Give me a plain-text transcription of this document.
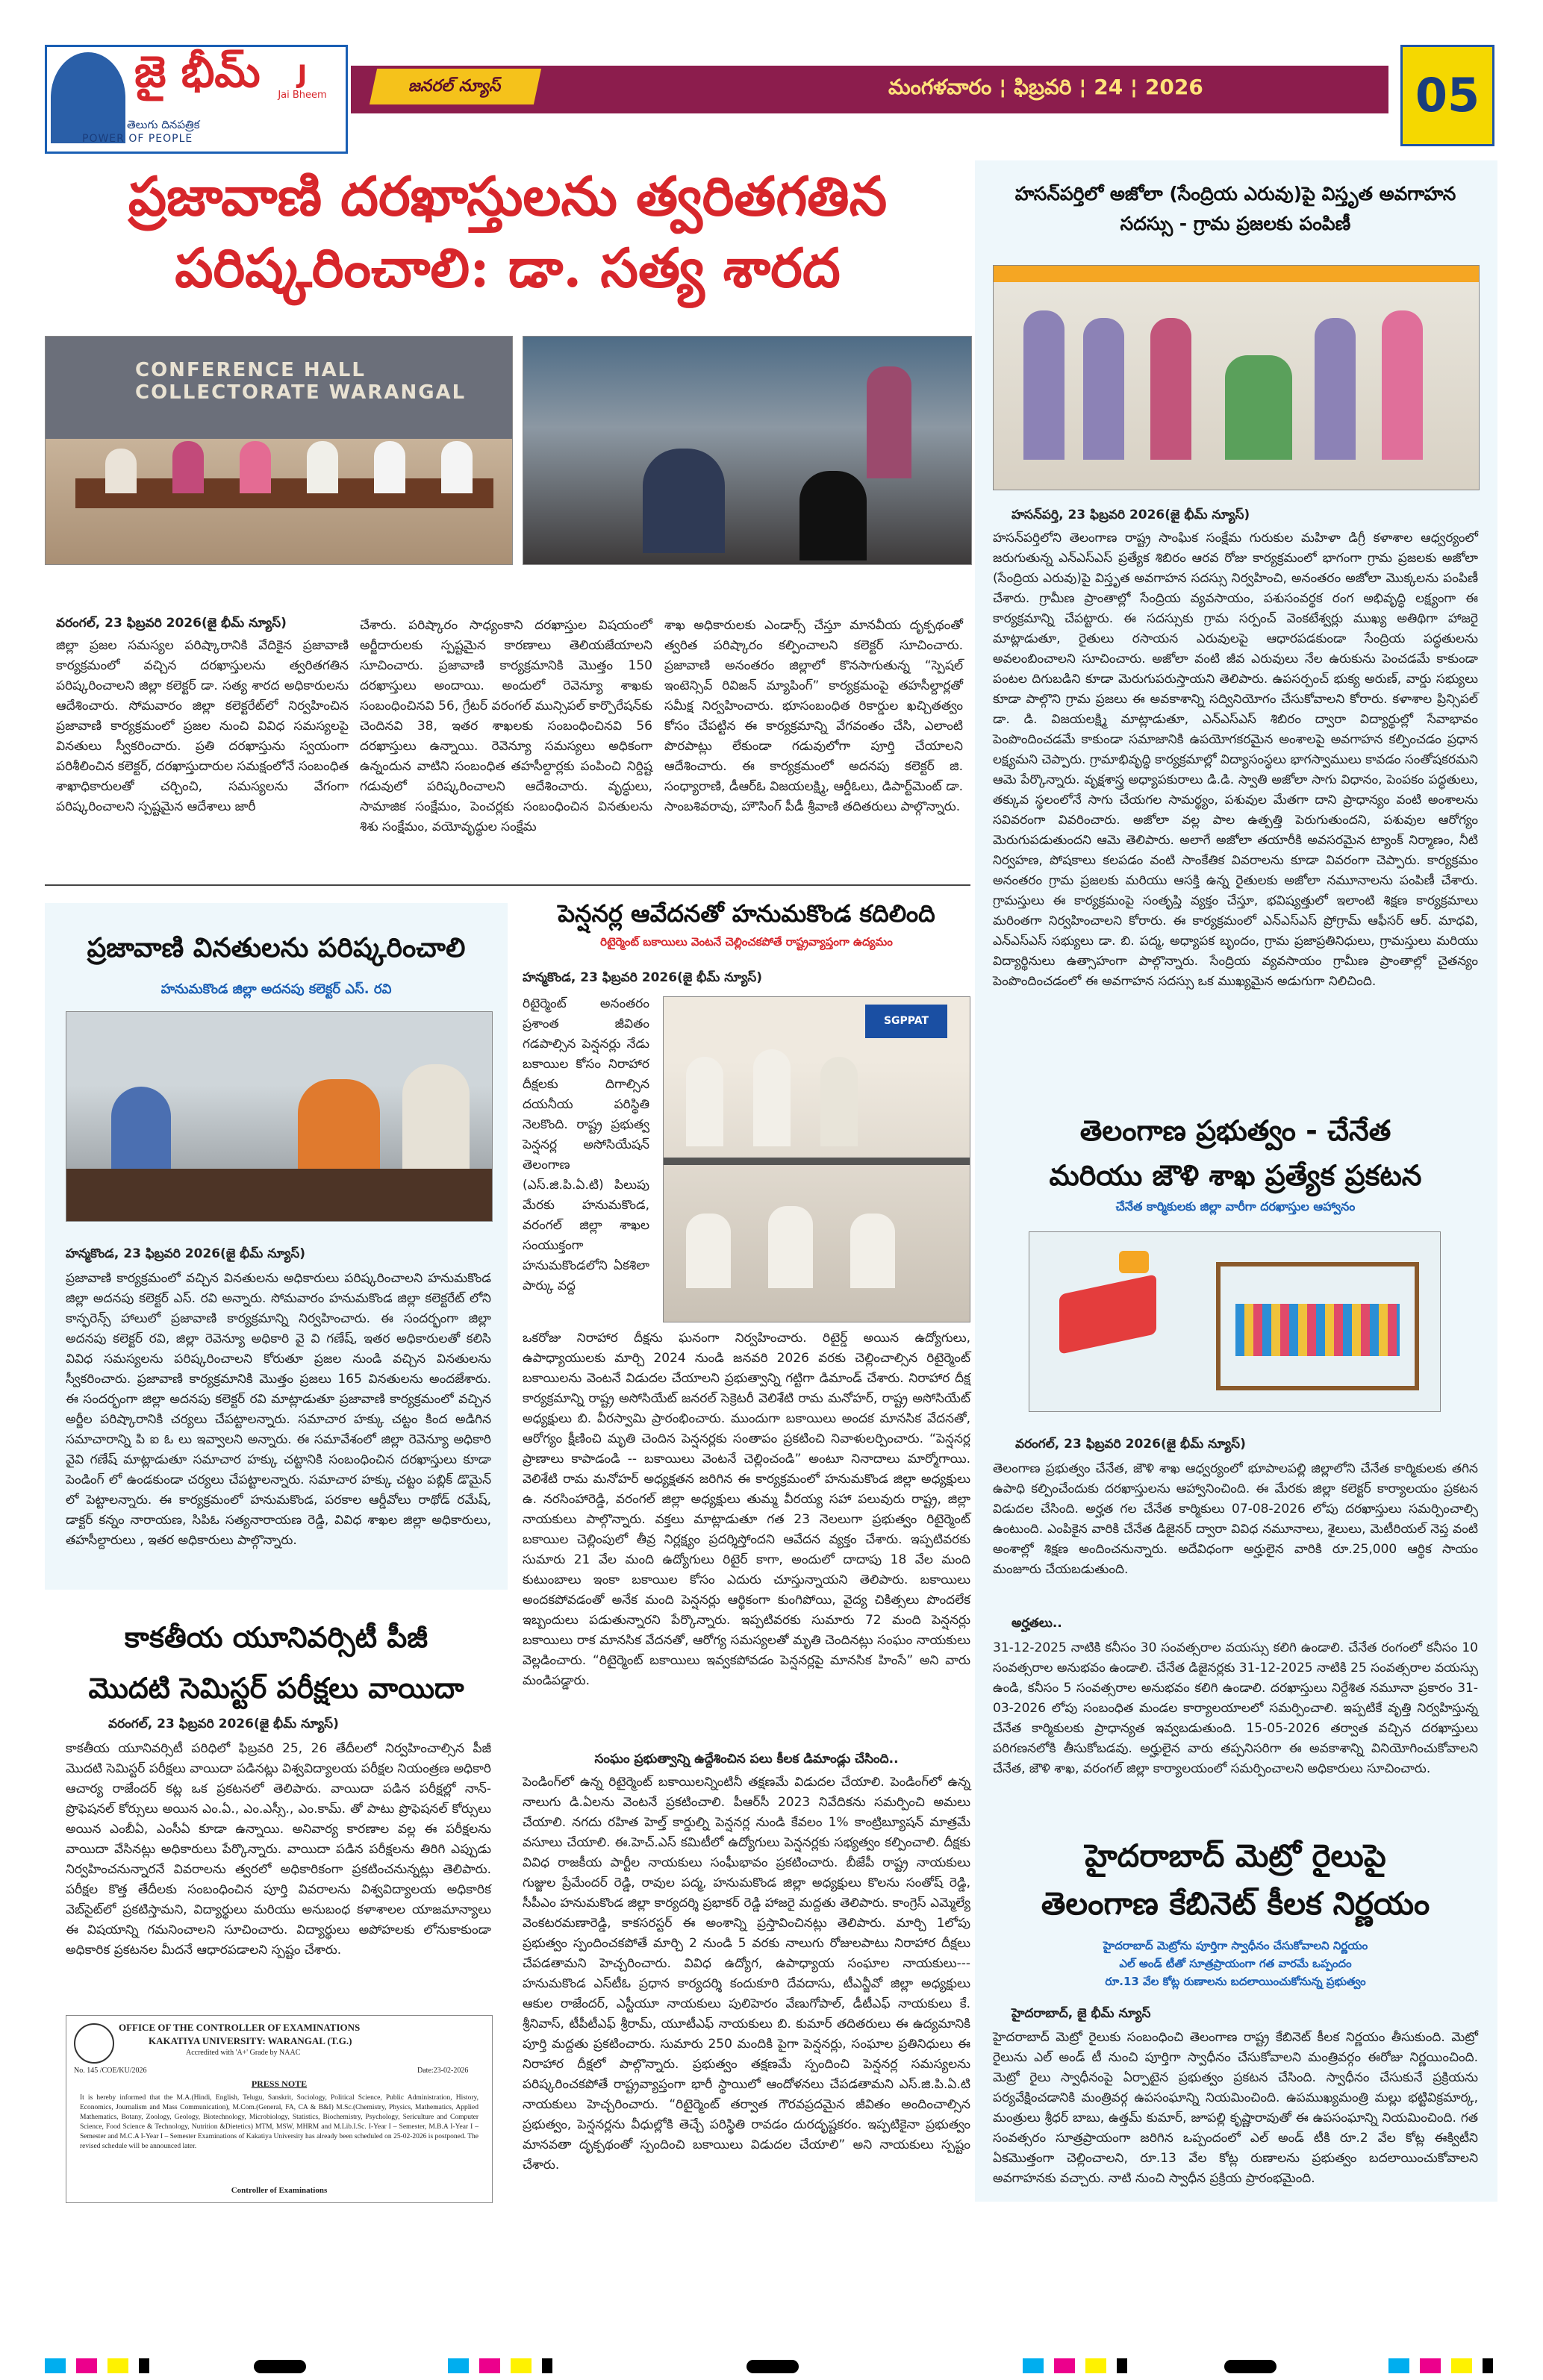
జై భీమ్
తెలుగు దినపత్రిక
POWER OF PEOPLE
J
Jai Bheem	జనరల్ న్యూస్	మంగళవారం ¦ ఫిబ్రవరి ¦ 24 ¦ 2026	05
ప్రజావాణి దరఖాస్తులను త్వరితగతిన
పరిష్కరించాలి: డా. సత్య శారద
CONFERENCE HALL COLLECTORATE WARANGAL
వరంగల్, 23 ఫిబ్రవరి 2026(జై భీమ్ న్యూస్)
జిల్లా ప్రజల సమస్యల పరిష్కారానికి వేదికైన ప్రజావాణి కార్యక్రమంలో వచ్చిన దరఖాస్తులను త్వరితగతిన పరిష్కరించాలని జిల్లా కలెక్టర్ డా. సత్య శారద అధికారులను ఆదేశించారు. సోమవారం జిల్లా కలెక్టరేట్‌లో నిర్వహించిన ప్రజావాణి కార్యక్రమంలో ప్రజల నుంచి వివిధ సమస్యలపై వినతులు స్వీకరించారు. ప్రతి దరఖాస్తును స్వయంగా పరిశీలించిన కలెక్టర్, దరఖాస్తుదారుల సమక్షంలోనే సంబంధిత శాఖాధికారులతో చర్చించి, సమస్యలను వేగంగా పరిష్కరించాలని స్పష్టమైన ఆదేశాలు జారీ
చేశారు. పరిష్కారం సాధ్యంకాని దరఖాస్తుల విషయంలో అర్జీదారులకు స్పష్టమైన కారణాలు తెలియజేయాలని సూచించారు. ప్రజావాణి కార్యక్రమానికి మొత్తం 150 దరఖాస్తులు అందాయి. అందులో రెవెన్యూ శాఖకు సంబంధించినవి 56, గ్రేటర్ వరంగల్ మున్సిపల్ కార్పొరేషన్‌కు చెందినవి 38, ఇతర శాఖలకు సంబంధించినవి 56 దరఖాస్తులు ఉన్నాయి. రెవెన్యూ సమస్యలు అధికంగా ఉన్నందున వాటిని సంబంధిత తహసీల్దార్లకు పంపించి నిర్దిష్ట గడువులో పరిష్కరించాలని ఆదేశించారు. వృద్ధులు, సామాజిక సంక్షేమం, పెంచర్లకు సంబంధించిన వినతులను శిశు సంక్షేమం, వయోవృద్ధుల సంక్షేమ
శాఖ అధికారులకు ఎండార్స్ చేస్తూ మానవీయ దృక్పథంతో త్వరిత పరిష్కారం కల్పించాలని కలెక్టర్ సూచించారు. ప్రజావాణి అనంతరం జిల్లాలో కొనసాగుతున్న “స్పెషల్ ఇంటెన్సివ్ రివిజన్ మ్యాపింగ్” కార్యక్రమంపై తహసీల్దార్లతో సమీక్ష నిర్వహించారు. భూసంబంధిత రికార్డుల ఖచ్చితత్వం కోసం చేపట్టిన ఈ కార్యక్రమాన్ని వేగవంతం చేసి, ఎలాంటి పొరపాట్లు లేకుండా గడువులోగా పూర్తి చేయాలని ఆదేశించారు. ఈ కార్యక్రమంలో అదనపు కలెక్టర్ జి. సంధ్యారాణి, డీఆర్ఓ విజయలక్ష్మి, ఆర్డీఓలు, డిపార్ట్‌మెంట్ డా. సాంబశివరావు, హౌసింగ్ పీడీ శ్రీవాణి తదితరులు పాల్గొన్నారు.
ప్రజావాణి వినతులను పరిష్కరించాలి
హనుమకొండ జిల్లా అదనపు కలెక్టర్ ఎస్. రవి
హన్మకొండ, 23 ఫిబ్రవరి 2026(జై భీమ్ న్యూస్)
ప్రజావాణి కార్యక్రమంలో వచ్చిన వినతులను అధికారులు పరిష్కరించాలని హనుమకొండ జిల్లా అదనపు కలెక్టర్ ఎస్. రవి అన్నారు. సోమవారం హనుమకొండ జిల్లా కలెక్టరేట్ లోని కాన్ఫరెన్స్ హాలులో ప్రజావాణి కార్యక్రమాన్ని నిర్వహించారు. ఈ సందర్భంగా జిల్లా అదనపు కలెక్టర్ రవి, జిల్లా రెవెన్యూ అధికారి వై వి గణేష్, ఇతర అధికారులతో కలిసి వివిధ సమస్యలను పరిష్కరించాలని కోరుతూ ప్రజల నుండి వచ్చిన వినతులను స్వీకరించారు. ప్రజావాణి కార్యక్రమానికి మొత్తం ప్రజలు 165 వినతులను అందజేశారు. ఈ సందర్భంగా జిల్లా అదనపు కలెక్టర్ రవి మాట్లాడుతూ ప్రజావాణి కార్యక్రమంలో వచ్చిన అర్జీల పరిష్కారానికి చర్యలు చేపట్టాలన్నారు. సమాచార హక్కు చట్టం కింద అడిగిన సమాచారాన్ని పి ఐ ఓ లు ఇవ్వాలని అన్నారు. ఈ సమావేశంలో జిల్లా రెవెన్యూ అధికారి వైవి గణేష్ మాట్లాడుతూ సమాచార హక్కు చట్టానికి సంబంధించిన దరఖాస్తులు కూడా పెండింగ్ లో ఉండకుండా చర్యలు చేపట్టాలన్నారు. సమాచార హక్కు చట్టం పబ్లిక్ డొమైన్ లో పెట్టాలన్నారు. ఈ కార్యక్రమంలో హనుమకొండ, పరకాల ఆర్డీవోలు రాథోడ్ రమేష్, డాక్టర్ కన్నం నారాయణ, సిపిఓ సత్యనారాయణ రెడ్డి, వివిధ శాఖల జిల్లా అధికారులు, తహసీల్దారులు , ఇతర అధికారులు పాల్గొన్నారు.
కాకతీయ యూనివర్సిటీ పీజీ
మొదటి సెమిస్టర్ పరీక్షలు వాయిదా
వరంగల్, 23 ఫిబ్రవరి 2026(జై భీమ్ న్యూస్)
కాకతీయ యూనివర్సిటీ పరిధిలో ఫిబ్రవరి 25, 26 తేదీలలో నిర్వహించాల్సిన పీజీ మొదటి సెమిస్టర్ పరీక్షలు వాయిదా పడినట్లు విశ్వవిద్యాలయ పరీక్షల నియంత్రణ అధికారి ఆచార్య రాజేందర్ కట్ల ఒక ప్రకటనలో తెలిపారు. వాయిదా పడిన పరీక్షల్లో నాన్-ప్రొఫెషనల్ కోర్సులు అయిన ఎం.ఏ., ఎం.ఎస్సీ., ఎం.కామ్. తో పాటు ప్రొఫెషనల్ కోర్సులు అయిన ఎంబీఏ, ఎంసీఏ కూడా ఉన్నాయి. అనివార్య కారణాల వల్ల ఈ పరీక్షలను వాయిదా వేసినట్లు అధికారులు పేర్కొన్నారు. వాయిదా పడిన పరీక్షలను తిరిగి ఎప్పుడు నిర్వహించనున్నారనే వివరాలను త్వరలో అధికారికంగా ప్రకటించనున్నట్లు తెలిపారు. పరీక్షల కొత్త తేదీలకు సంబంధించిన పూర్తి వివరాలను విశ్వవిద్యాలయ అధికారిక వెబ్‌సైట్‌లో ప్రకటిస్తామని, విద్యార్థులు మరియు అనుబంధ కళాశాలల యాజమాన్యాలు ఈ విషయాన్ని గమనించాలని సూచించారు. విద్యార్థులు అపోహలకు లోనుకాకుండా అధికారిక ప్రకటనల మీదనే ఆధారపడాలని స్పష్టం చేశారు.
OFFICE OF THE CONTROLLER OF EXAMINATIONS
KAKATIYA UNIVERSITY: WARANGAL (T.G.)
Accredited with 'A+' Grade by NAAC
No. 145 /COE/KU/2026	Date:23-02-2026
PRESS NOTE
It is hereby informed that the M.A.(Hindi, English, Telugu, Sanskrit, Sociology, Political Science, Public Administration, History, Economics, Journalism and Mass Communication), M.Com.(General, FA, CA & B&I) M.Sc.(Chemistry, Physics, Mathematics, Applied Mathematics, Botany, Zoology, Geology, Biotechnology, Microbiology, Statistics, Biochemistry, Psychology, Sericulture and Computer Science, Food Science & Technology, Nutrition &Dietetics) MTM, MSW, MHRM and M.Lib.I.Sc. I-Year I – Semester, M.B.A I-Year I –Semester and M.C.A I-Year I – Semester Examinations of Kakatiya University has already been scheduled on 25-02-2026 is postponed. The revised schedule will be announced later.
Controller of Examinations
పెన్షనర్ల ఆవేదనతో హనుమకొండ కదిలింది
రిటైర్మెంట్ బకాయిలు వెంటనే చెల్లించకపోతే రాష్ట్రవ్యాప్తంగా ఉద్యమం
హన్మకొండ, 23 ఫిబ్రవరి 2026(జై భీమ్ న్యూస్)
రిటైర్మెంట్ అనంతరం ప్రశాంత జీవితం గడపాల్సిన పెన్షనర్లు నేడు బకాయిల కోసం నిరాహార దీక్షలకు దిగాల్సిన దయనీయ పరిస్థితి నెలకొంది. రాష్ట్ర ప్రభుత్వ పెన్షనర్ల అసోసియేషన్ తెలంగాణ (ఎస్.జి.పి.ఏ.టి) పిలుపు మేరకు హనుమకొండ, వరంగల్ జిల్లా శాఖల సంయుక్తంగా హనుమకొండలోని ఏకశిలా పార్కు వద్ద
SGPPAT
ఒకరోజు నిరాహార దీక్షను ఘనంగా నిర్వహించారు. రిటైర్డ్ అయిన ఉద్యోగులు, ఉపాధ్యాయులకు మార్చి 2024 నుండి జనవరి 2026 వరకు చెల్లించాల్సిన రిటైర్మెంట్ బకాయిలను వెంటనే విడుదల చేయాలని ప్రభుత్వాన్ని గట్టిగా డిమాండ్ చేశారు. నిరాహార దీక్ష కార్యక్రమాన్ని రాష్ట్ర అసోసియేట్ జనరల్ సెక్రెటరీ వెలిశేటి రామ మనోహర్, రాష్ట్ర అసోసియేట్ అధ్యక్షులు బి. వీరస్వామి ప్రారంభించారు. ముందుగా బకాయిలు అందక మానసిక వేదనతో, ఆరోగ్యం క్షీణించి మృతి చెందిన పెన్షనర్లకు సంతాపం ప్రకటించి నివాళులర్పించారు. “పెన్షనర్ల ప్రాణాలు కాపాడండి -- బకాయిలు వెంటనే చెల్లించండి” అంటూ నినాదాలు మార్మోగాయి. వెలిశేటి రామ మనోహర్ అధ్యక్షతన జరిగిన ఈ కార్యక్రమంలో హనుమకొండ జిల్లా అధ్యక్షులు ఉ. నరసింహారెడ్డి, వరంగల్ జిల్లా అధ్యక్షులు తుమ్మ వీరయ్య సహా పలువురు రాష్ట్ర, జిల్లా నాయకులు పాల్గొన్నారు. వక్తలు మాట్లాడుతూ గత 23 నెలలుగా ప్రభుత్వం రిటైర్మెంట్ బకాయిల చెల్లింపులో తీవ్ర నిర్లక్ష్యం ప్రదర్శిస్తోందని ఆవేదన వ్యక్తం చేశారు. ఇప్పటివరకు సుమారు 21 వేల మంది ఉద్యోగులు రిటైర్ కాగా, అందులో దాదాపు 18 వేల మంది కుటుంబాలు ఇంకా బకాయిల కోసం ఎదురు చూస్తున్నాయని తెలిపారు. బకాయిలు అందకపోవడంతో అనేక మంది పెన్షనర్లు ఆర్థికంగా కుంగిపోయి, వైద్య చికిత్సలు పొందలేక ఇబ్బందులు పడుతున్నారని పేర్కొన్నారు. ఇప్పటివరకు సుమారు 72 మంది పెన్షనర్లు బకాయిలు రాక మానసిక వేదనతో, ఆరోగ్య సమస్యలతో మృతి చెందినట్లు సంఘం నాయకులు వెల్లడించారు. “రిటైర్మెంట్ బకాయిలు ఇవ్వకపోవడం పెన్షనర్లపై మానసిక హింసే” అని వారు మండిపడ్డారు.
సంఘం ప్రభుత్వాన్ని ఉద్దేశించిన పలు కీలక డిమాండ్లు చేసింది..
పెండింగ్‌లో ఉన్న రిటైర్మెంట్ బకాయిలన్నింటినీ తక్షణమే విడుదల చేయాలి. పెండింగ్‌లో ఉన్న నాలుగు డి.ఏలను వెంటనే ప్రకటించాలి. పీఆర్‌సీ 2023 నివేదికను సమర్పించి అమలు చేయాలి. నగదు రహిత హెల్త్ కార్డుల్ని పెన్షనర్ల నుండి కేవలం 1% కాంట్రిబ్యూషన్ మాత్రమే వసూలు చేయాలి. ఈ.హెచ్.ఎస్ కమిటీలో ఉద్యోగులు పెన్షనర్లకు సభ్యత్వం కల్పించాలి. దీక్షకు వివిధ రాజకీయ పార్టీల నాయకులు సంఘీభావం ప్రకటించారు. బీజేపీ రాష్ట్ర నాయకులు గుజ్జుల ప్రేమేందర్ రెడ్డి, రావుల పద్మ, హనుమకొండ జిల్లా అధ్యక్షులు కొలను సంతోష్ రెడ్డి, సీపీఎం హనుమకొండ జిల్లా కార్యదర్శి ప్రభాకర్ రెడ్డి హాజరై మద్దతు తెలిపారు. కాంగ్రెస్ ఎమ్మెల్యే వెంకటరమణారెడ్డి, కాకసరస్టర్ ఈ అంశాన్ని ప్రస్తావించినట్లు తెలిపారు. మార్చి 1లోపు ప్రభుత్వం స్పందించకపోతే మార్చి 2 నుండి 5 వరకు నాలుగు రోజులపాటు నిరాహార దీక్షలు చేపడతామని హెచ్చరించారు. వివిధ ఉద్యోగ, ఉపాధ్యాయ సంఘాల నాయకులు--- హనుమకొండ ఎస్‌టీఓ ప్రధాన కార్యదర్శి కందుకూరి దేవదాసు, టీఎన్జీవో జిల్లా అధ్యక్షులు ఆకుల రాజేందర్, ఎస్టీయూ నాయకులు పులిహెరం వేణుగోపాల్, డీటీఎఫ్ నాయకులు కే. శ్రీనివాస్, టీపీటీఎఫ్ శ్రీరామ్, యూటీఎఫ్ నాయకులు బి. కుమార్ తదితరులు ఈ ఉద్యమానికి పూర్తి మద్దతు ప్రకటించారు. సుమారు 250 మందికి పైగా పెన్షనర్లు, సంఘాల ప్రతినిధులు ఈ నిరాహార దీక్షలో పాల్గొన్నారు. ప్రభుత్వం తక్షణమే స్పందించి పెన్షనర్ల సమస్యలను పరిష్కరించకపోతే రాష్ట్రవ్యాప్తంగా భారీ స్థాయిలో ఆందోళనలు చేపడతామని ఎస్.జి.పి.ఏ.టి నాయకులు హెచ్చరించారు. “రిటైర్మెంట్ తర్వాత గౌరవప్రదమైన జీవితం అందించాల్సిన ప్రభుత్వం, పెన్షనర్లను వీధుల్లోకి తెచ్చే పరిస్థితి రావడం దురదృష్టకరం. ఇప్పటికైనా ప్రభుత్వం మానవతా దృక్పథంతో స్పందించి బకాయిలు విడుదల చేయాలి” అని నాయకులు స్పష్టం చేశారు.
హసన్‌పర్తిలో అజోలా (సేంద్రియ ఎరువు)పై విస్తృత అవగాహన సదస్సు - గ్రామ ప్రజలకు పంపిణీ
హసన్‌పర్తి, 23 ఫిబ్రవరి 2026(జై భీమ్ న్యూస్)
హసన్‌పర్తిలోని తెలంగాణ రాష్ట్ర సాంఘిక సంక్షేమ గురుకుల మహిళా డిగ్రీ కళాశాల ఆధ్వర్యంలో జరుగుతున్న ఎన్ఎస్ఎస్ ప్రత్యేక శిబిరం ఆరవ రోజు కార్యక్రమంలో భాగంగా గ్రామ ప్రజలకు అజోలా (సేంద్రియ ఎరువు)పై విస్తృత అవగాహన సదస్సు నిర్వహించి, అనంతరం అజోలా మొక్కలను పంపిణీ చేశారు. గ్రామీణ ప్రాంతాల్లో సేంద్రియ వ్యవసాయం, పశుసంవర్థక రంగ అభివృద్ధి లక్ష్యంగా ఈ కార్యక్రమాన్ని చేపట్టారు. ఈ సదస్సుకు గ్రామ సర్పంచ్ వెంకటేశ్వర్లు ముఖ్య అతిథిగా హాజరై మాట్లాడుతూ, రైతులు రసాయన ఎరువులపై ఆధారపడకుండా సేంద్రియ పద్ధతులను అవలంబించాలని సూచించారు. అజోలా వంటి జీవ ఎరువులు నేల ఉరుకును పెంచడమే కాకుండా పంటల దిగుబడిని కూడా మెరుగుపరుస్తాయని తెలిపారు. ఉపసర్పంచ్ భుక్య అరుణ్, వార్డు సభ్యులు కూడా పాల్గొని గ్రామ ప్రజలు ఈ అవకాశాన్ని సద్వినియోగం చేసుకోవాలని కోరారు. కళాశాల ప్రిన్సిపల్ డా. డి. విజయలక్ష్మి మాట్లాడుతూ, ఎన్ఎస్ఎస్ శిబిరం ద్వారా విద్యార్థుల్లో సేవాభావం పెంపొందించడమే కాకుండా సమాజానికి ఉపయోగకరమైన అంశాలపై అవగాహన కల్పించడం ప్రధాన లక్ష్యమని చెప్పారు. గ్రామాభివృద్ధి కార్యక్రమాల్లో విద్యాసంస్థలు భాగస్వాములు కావడం సంతోషకరమని ఆమె పేర్కొన్నారు. వృక్షశాస్త్ర అధ్యాపకురాలు డి.డి. స్వాతి అజోలా సాగు విధానం, పెంపకం పద్ధతులు, తక్కువ స్థలంలోనే సాగు చేయగల సామర్థ్యం, పశువుల మేతగా దాని ప్రాధాన్యం వంటి అంశాలను సవివరంగా వివరించారు. అజోలా వల్ల పాల ఉత్పత్తి పెరుగుతుందని, పశువుల ఆరోగ్యం మెరుగుపడుతుందని ఆమె తెలిపారు. అలాగే అజోలా తయారీకి అవసరమైన ట్యాంక్ నిర్మాణం, నీటి నిర్వహణ, పోషకాలు కలపడం వంటి సాంకేతిక వివరాలను కూడా వివరంగా చెప్పారు. కార్యక్రమం అనంతరం గ్రామ ప్రజలకు మరియు ఆసక్తి ఉన్న రైతులకు అజోలా నమూనాలను పంపిణీ చేశారు. గ్రామస్తులు ఈ కార్యక్రమంపై సంతృప్తి వ్యక్తం చేస్తూ, భవిష్యత్తులో ఇలాంటి శిక్షణ కార్యక్రమాలు మరింతగా నిర్వహించాలని కోరారు. ఈ కార్యక్రమంలో ఎన్ఎస్ఎస్ ప్రోగ్రామ్ ఆఫీసర్ ఆర్. మాధవి, ఎన్ఎస్ఎస్ సభ్యులు డా. బి. పద్మ, అధ్యాపక బృందం, గ్రామ ప్రజాప్రతినిధులు, గ్రామస్తులు మరియు విద్యార్థినులు ఉత్సాహంగా పాల్గొన్నారు. సేంద్రియ వ్యవసాయం గ్రామీణ ప్రాంతాల్లో చైతన్యం పెంపొందించడంలో ఈ అవగాహన సదస్సు ఒక ముఖ్యమైన అడుగుగా నిలిచింది.
తెలంగాణ ప్రభుత్వం - చేనేత
మరియు జౌళి శాఖ ప్రత్యేక ప్రకటన
చేనేత కార్మికులకు జిల్లా వారీగా దరఖాస్తుల ఆహ్వానం
వరంగల్, 23 ఫిబ్రవరి 2026(జై భీమ్ న్యూస్)
తెలంగాణ ప్రభుత్వం చేనేత, జౌళి శాఖ ఆధ్వర్యంలో భూపాలపల్లి జిల్లాలోని చేనేత కార్మికులకు తగిన ఉపాధి కల్పించేందుకు దరఖాస్తులను ఆహ్వానించింది. ఈ మేరకు జిల్లా కలెక్టర్ కార్యాలయం ప్రకటన విడుదల చేసింది. అర్హత గల చేనేత కార్మికులు 07-08-2026 లోపు దరఖాస్తులు సమర్పించాల్సి ఉంటుంది. ఎంపికైన వారికి చేనేత డిజైనర్ ద్వారా వివిధ నమూనాలు, శైలులు, మెటీరియల్ నెప్త వంటి అంశాల్లో శిక్షణ అందించనున్నారు. అదేవిధంగా అర్హులైన వారికి రూ.25,000 ఆర్థిక సాయం మంజూరు చేయబడుతుంది.
అర్హతలు..
31-12-2025 నాటికి కనీసం 30 సంవత్సరాల వయస్సు కలిగి ఉండాలి. చేనేత రంగంలో కనీసం 10 సంవత్సరాల అనుభవం ఉండాలి. చేనేత డిజైనర్లకు 31-12-2025 నాటికి 25 సంవత్సరాల వయస్సు ఉండి, కనీసం 5 సంవత్సరాల అనుభవం కలిగి ఉండాలి. దరఖాస్తులు నిర్దేశిత నమూనా ప్రకారం 31-03-2026 లోపు సంబంధిత మండల కార్యాలయాలలో సమర్పించాలి. ఇప్పటికే వృత్తి నిర్వహిస్తున్న చేనేత కార్మికులకు ప్రాధాన్యత ఇవ్వబడుతుంది. 15-05-2026 తర్వాత వచ్చిన దరఖాస్తులు పరిగణనలోకి తీసుకోబడవు. అర్హులైన వారు తప్పనిసరిగా ఈ అవకాశాన్ని వినియోగించుకోవాలని చేనేత, జౌళి శాఖ, వరంగల్ జిల్లా కార్యాలయంలో సమర్పించాలని అధికారులు సూచించారు.
హైదరాబాద్ మెట్రో రైలుపై
తెలంగాణ కేబినెట్ కీలక నిర్ణయం
హైదరాబాద్ మెట్రోను పూర్తిగా స్వాధీనం చేసుకోవాలని నిర్ణయం
ఎల్ అండ్ టీతో సూత్రప్రాయంగా గత వారమే ఒప్పందం
రూ.13 వేల కోట్ల రుణాలను బదలాయించుకోనున్న ప్రభుత్వం
హైదరాబాద్, జై భీమ్ న్యూస్
హైదరాబాద్ మెట్రో రైలుకు సంబంధించి తెలంగాణ రాష్ట్ర కేబినెట్ కీలక నిర్ణయం తీసుకుంది. మెట్రో రైలును ఎల్ అండ్ టీ నుంచి పూర్తిగా స్వాధీనం చేసుకోవాలని మంత్రివర్గం ఈరోజు నిర్ణయించింది. మెట్రో రైలు స్వాధీనంపై ఏర్పాటైన ప్రభుత్వం ప్రకటన చేసింది. స్వాధీనం చేసుకునే ప్రక్రియను పర్యవేక్షించడానికి మంత్రివర్గ ఉపసంఘాన్ని నియమించింది. ఉపముఖ్యమంత్రి మల్లు భట్టివిక్రమార్క, మంత్రులు శ్రీధర్ బాబు, ఉత్తమ్ కుమార్, జూపల్లి కృష్ణారావుతో ఈ ఉపసంఘాన్ని నియమించింది. గత సంవత్సరం సూత్రప్రాయంగా జరిగిన ఒప్పందంలో ఎల్ అండ్ టీకి రూ.2 వేల కోట్ల ఈక్విటీని ఏకమొత్తంగా చెల్లించాలని, రూ.13 వేల కోట్ల రుణాలను ప్రభుత్వం బదలాయించుకోవాలని అవగాహనకు వచ్చారు. నాటి నుంచి స్వాధీన ప్రక్రియ ప్రారంభమైంది.
